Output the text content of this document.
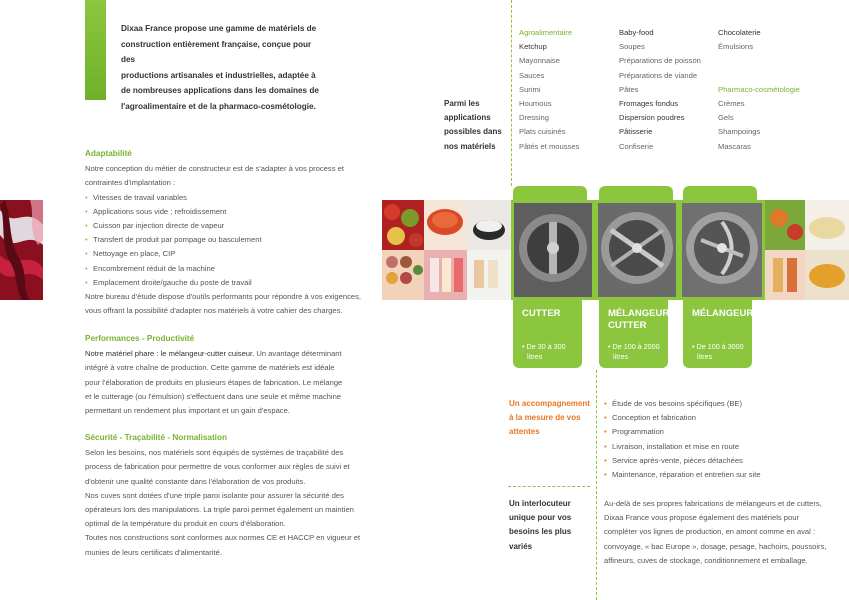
Dixaa France propose une gamme de matériels de
construction entièrement française, conçue pour des
productions artisanales et industrielles, adaptée à
de nombreuses applications dans les domaines de
l'agroalimentaire et de la pharmaco-cosmétologie.
Adaptabilité
Notre conception du métier de constructeur est de s'adapter à vos process et
contraintes d'implantation :
• Vitesses de travail variables
• Applications sous vide ; refroidissement
• Cuisson par injection directe de vapeur
• Transfert de produit par pompage ou basculement
• Nettoyage en place, CIP
• Encombrement réduit de la machine
• Emplacement droite/gauche du poste de travail
Notre bureau d'étude dispose d'outils performants pour répondre à vos exigences,
vous offrant la possibilité d'adapter nos matériels à votre cahier des charges.
Performances - Productivité
Notre matériel phare : le mélangeur-cutter cuiseur. Un avantage déterminant
intégré à votre chaîne de production. Cette gamme de matériels est idéale
pour l'élaboration de produits en plusieurs étapes de fabrication. Le mélange
et le cutterage (ou l'émulsion) s'effectuent dans une seule et même machine
permettant un rendement plus important et un gain d'espace.
Sécurité - Traçabilité - Normalisation
Selon les besoins, nos matériels sont équipés de systèmes de traçabilité des
process de fabrication pour permettre de vous conformer aux règles de suivi et
d'obtenir une qualité constante dans l'élaboration de vos produits.
Nos cuves sont dotées d'une triple paroi isolante pour assurer la sécurité des
opérateurs lors des manipulations. La triple paroi permet également un maintien
optimal de la température du produit en cours d'élaboration.
Toutes nos constructions sont conformes aux normes CE et HACCP en vigueur et
munies de leurs certificats d'alimentarité.
Parmi les
applications
possibles dans
nos matériels
Agroalimentaire
Ketchup
Mayonnaise
Sauces
Surimi
Houmous
Dressing
Plats cuisinés
Pâtés et mousses
Baby-food
Soupes
Préparations de poisson
Préparations de viande
Pâtes
Fromages fondus
Dispersion poudres
Pâtisserie
Confiserie
Chocolaterie
Émulsions

Pharmaco-cosmétologie
Crèmes
Gels
Shampoings
Mascaras
CUTTER
• De 30 à 300
litres
MÉLANGEUR
CUTTER
• De 100 à 2000
litres
MÉLANGEUR
• De 100 à 3000
litres
Un accompagnement
à la mesure de vos
attentes
• Étude de vos besoins spécifiques (BE)
• Conception et fabrication
• Programmation
• Livraison, installation et mise en route
• Service après-vente, pièces détachées
• Maintenance, réparation et entretien sur site
Un interlocuteur
unique pour vos
besoins les plus variés
Au-delà de ses propres fabrications de mélangeurs et de cutters,
Dixaa France vous propose également des matériels pour
compléter vos lignes de production, en amont comme en aval :
convoyage, « bac Europe », dosage, pesage, hachoirs, poussoirs,
affineurs, cuves de stockage, conditionnement et emballage.
